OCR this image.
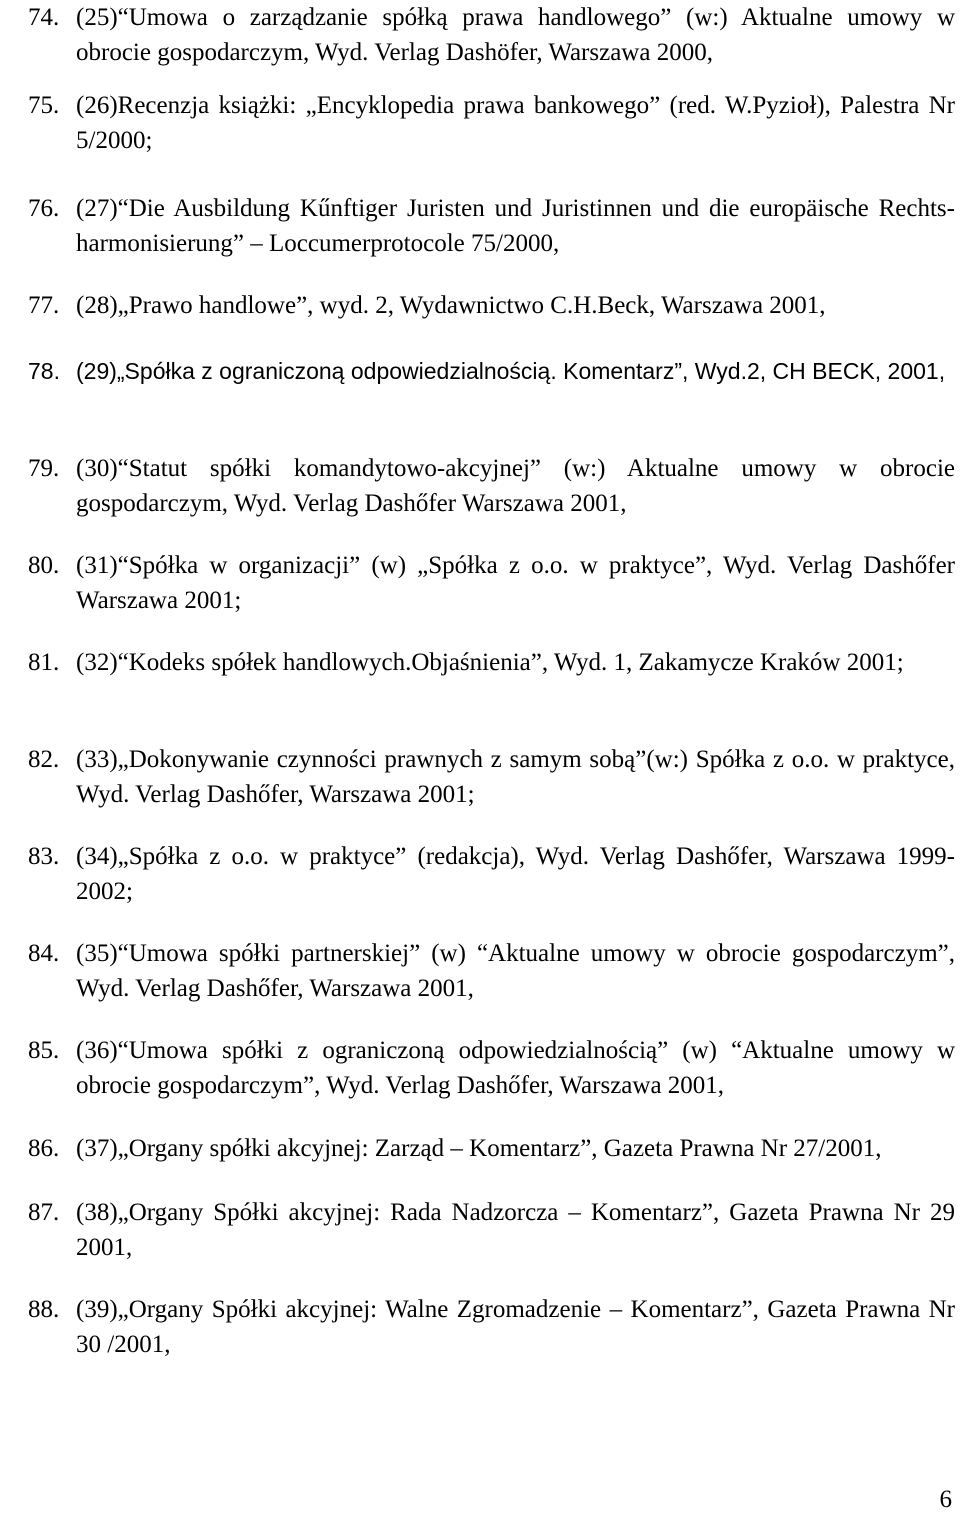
74. (25)“Umowa o zarządzanie spółką prawa handlowego” (w:) Aktualne umowy w obrocie gospodarczym, Wyd. Verlag Dashöfer, Warszawa 2000,
75. (26)Recenzja książki: „Encyklopedia prawa bankowego” (red. W.Pyzioł), Palestra Nr 5/2000;
76. (27)“Die Ausbildung Kűnftiger Juristen und Juristinnen und die europäische Rechts-harmonisierung” – Loccumerprotocole 75/2000,
77. (28)„Prawo handlowe”, wyd. 2, Wydawnictwo C.H.Beck, Warszawa 2001,
78. (29)„Spółka z ograniczoną odpowiedzialnością. Komentarz”, Wyd.2, CH BECK, 2001,
79. (30)“Statut spółki komandytowo-akcyjnej” (w:) Aktualne umowy w obrocie gospodarczym, Wyd. Verlag Dashőfer Warszawa 2001,
80. (31)“Spółka w organizacji” (w) „Spółka z o.o. w praktyce”, Wyd. Verlag Dashőfer Warszawa 2001;
81. (32)“Kodeks spółek handlowych.Objaśnienia”, Wyd. 1, Zakamycze Kraków 2001;
82. (33)„Dokonywanie czynności prawnych z samym sobą”(w:) Spółka z o.o. w praktyce, Wyd. Verlag Dashőfer, Warszawa 2001;
83. (34)„Spółka z o.o. w praktyce” (redakcja), Wyd. Verlag Dashőfer, Warszawa 1999-2002;
84. (35)“Umowa spółki partnerskiej” (w) “Aktualne umowy w obrocie gospodarczym”, Wyd. Verlag Dashőfer, Warszawa 2001,
85. (36)“Umowa spółki z ograniczoną odpowiedzialnością” (w) “Aktualne umowy w obrocie gospodarczym”, Wyd. Verlag Dashőfer, Warszawa 2001,
86. (37)„Organy spółki akcyjnej: Zarząd – Komentarz”, Gazeta Prawna Nr 27/2001,
87. (38)„Organy Spółki akcyjnej: Rada Nadzorcza – Komentarz”, Gazeta Prawna Nr 29 2001,
88. (39)„Organy Spółki akcyjnej: Walne Zgromadzenie – Komentarz”, Gazeta Prawna Nr 30 /2001,
6
